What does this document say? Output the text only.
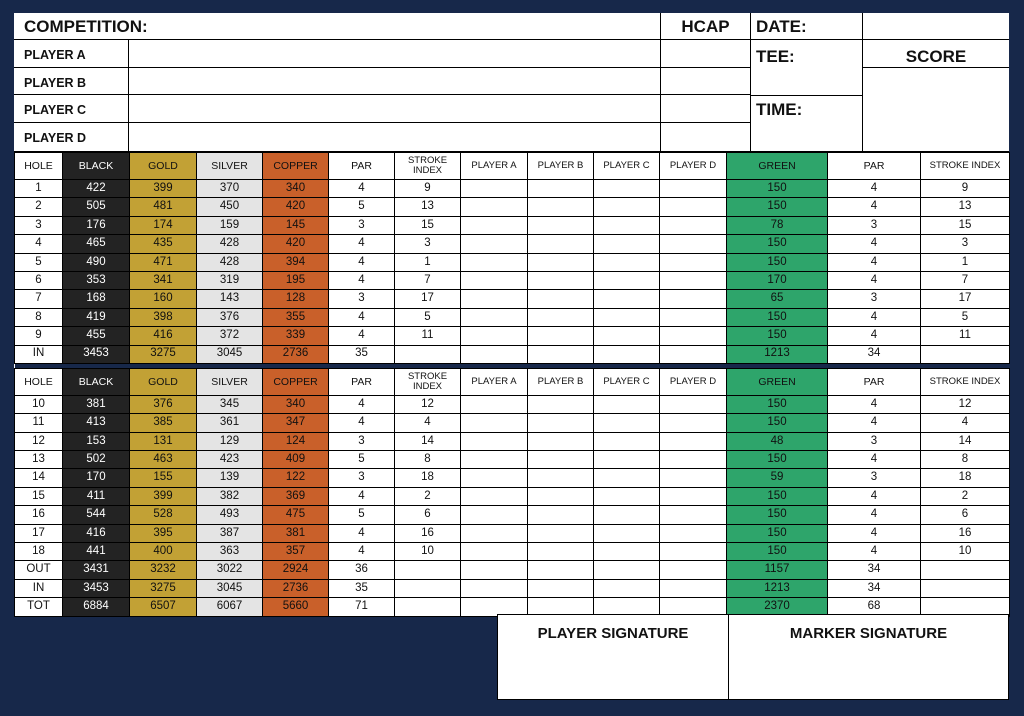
COMPETITION:	HCAP	DATE:
TEE:
TIME:
SCORE
PLAYER A
PLAYER B
PLAYER C
PLAYER D
HOLE	BLACK	GOLD	SILVER	COPPER	PAR	STROKE INDEX	PLAYER A	PLAYER B	PLAYER C	PLAYER D	GREEN	PAR	STROKE INDEX
1	422	399	370	340	4	9					150	4	9
2	505	481	450	420	5	13					150	4	13
3	176	174	159	145	3	15					78	3	15
4	465	435	428	420	4	3					150	4	3
5	490	471	428	394	4	1					150	4	1
6	353	341	319	195	4	7					170	4	7
7	168	160	143	128	3	17					65	3	17
8	419	398	376	355	4	5					150	4	5
9	455	416	372	339	4	11					150	4	11
IN	3453	3275	3045	2736	35						1213	34	

HOLE	BLACK	GOLD	SILVER	COPPER	PAR	STROKE INDEX	PLAYER A	PLAYER B	PLAYER C	PLAYER D	GREEN	PAR	STROKE INDEX
10	381	376	345	340	4	12					150	4	12
11	413	385	361	347	4	4					150	4	4
12	153	131	129	124	3	14					48	3	14
13	502	463	423	409	5	8					150	4	8
14	170	155	139	122	3	18					59	3	18
15	411	399	382	369	4	2					150	4	2
16	544	528	493	475	5	6					150	4	6
17	416	395	387	381	4	16					150	4	16
18	441	400	363	357	4	10					150	4	10
OUT	3431	3232	3022	2924	36						1157	34	
IN	3453	3275	3045	2736	35						1213	34	
TOT	6884	6507	6067	5660	71						2370	68	
PLAYER SIGNATURE	MARKER SIGNATURE
